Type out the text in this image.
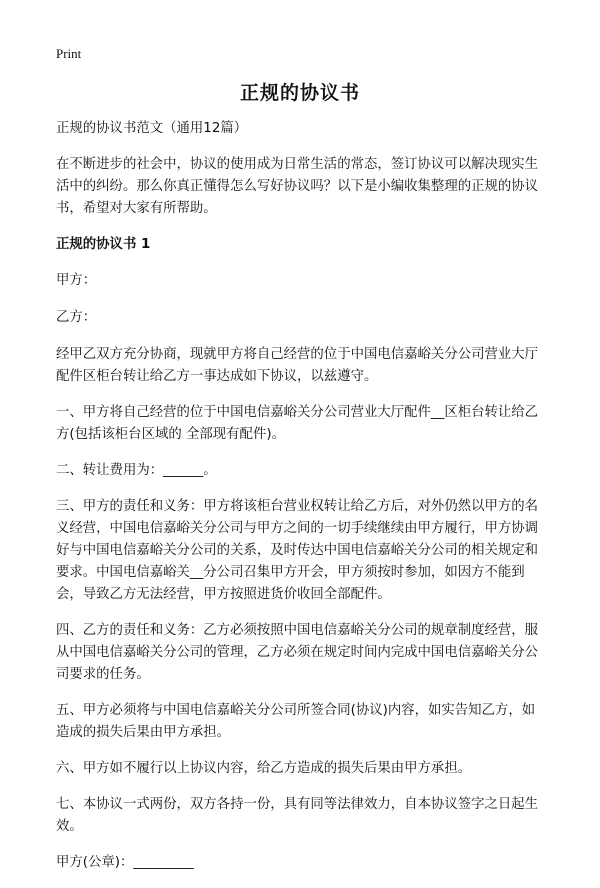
Print
正规的协议书

正规的协议书范文（通用12篇）

在不断进步的社会中，协议的使用成为日常生活的常态，签订协议可以解决现实生活中的纠纷。那么你真正懂得怎么写好协议吗？以下是小编收集整理的正规的协议书，希望对大家有所帮助。

正规的协议书 1

甲方：

乙方：

经甲乙双方充分协商，现就甲方将自己经营的位于中国电信嘉峪关分公司营业大厅配件区柜台转让给乙方一事达成如下协议，以兹遵守。

一、甲方将自己经营的位于中国电信嘉峪关分公司营业大厅配件__区柜台转让给乙方(包括该柜台区域的 全部现有配件)。

二、转让费用为：______。

三、甲方的责任和义务：甲方将该柜台营业权转让给乙方后，对外仍然以甲方的名义经营，中国电信嘉峪关分公司与甲方之间的一切手续继续由甲方履行，甲方协调好与中国电信嘉峪关分公司的关系，及时传达中国电信嘉峪关分公司的相关规定和要求。中国电信嘉峪关__分公司召集甲方开会，甲方须按时参加，如因方不能到会，导致乙方无法经营，甲方按照进货价收回全部配件。

四、乙方的责任和义务：乙方必须按照中国电信嘉峪关分公司的规章制度经营，服从中国电信嘉峪关分公司的管理，乙方必须在规定时间内完成中国电信嘉峪关分公司要求的任务。

五、甲方必须将与中国电信嘉峪关分公司所签合同(协议)内容，如实告知乙方，如造成的损失后果由甲方承担。

六、甲方如不履行以上协议内容，给乙方造成的损失后果由甲方承担。

七、本协议一式两份，双方各持一份，具有同等法律效力，自本协议签字之日起生效。

甲方(公章)：_________
